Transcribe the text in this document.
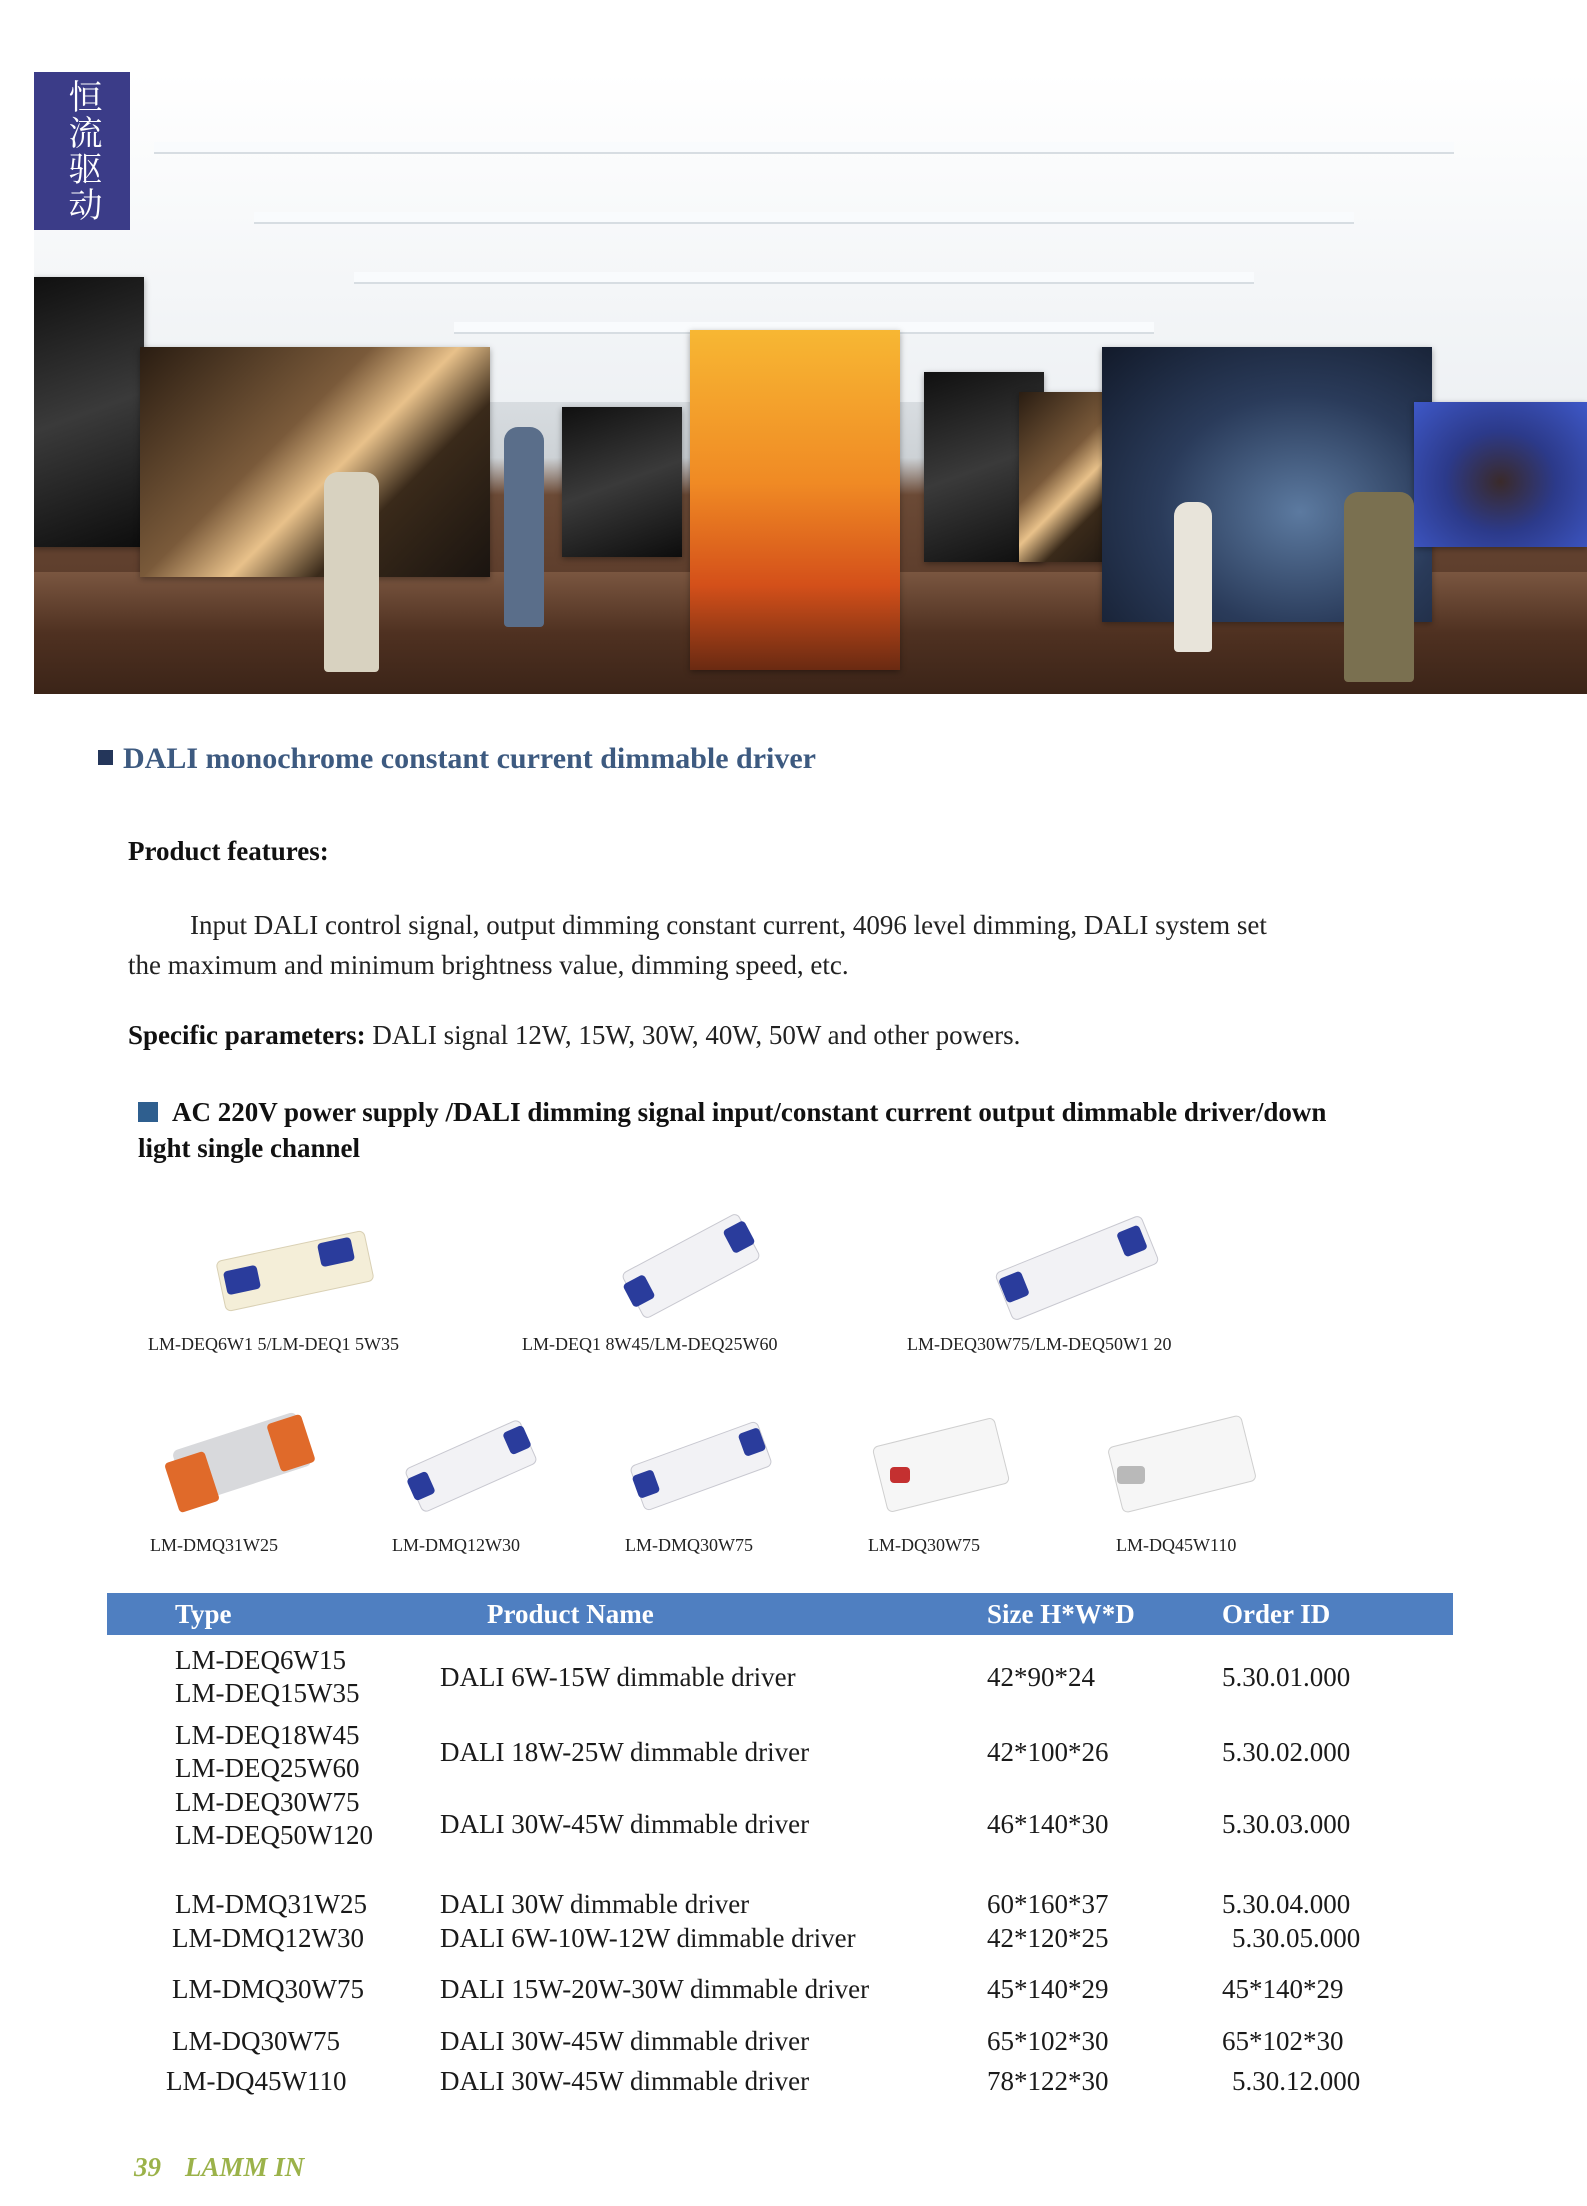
恒流驱动
DALI monochrome constant current dimmable driver
Product features:
Input DALI control signal, output dimming constant current, 4096 level dimming, DALI system set the maximum and minimum brightness value, dimming speed, etc.
Specific parameters: DALI signal 12W, 15W, 30W, 40W, 50W and other powers.
AC 220V power supply /DALI dimming signal input/constant current output dimmable driver/down light single channel
LM-DEQ6W1 5/LM-DEQ1 5W35	LM-DEQ1 8W45/LM-DEQ25W60	LM-DEQ30W75/LM-DEQ50W1 20
LM-DMQ31W25	LM-DMQ12W30	LM-DMQ30W75	LM-DQ30W75	LM-DQ45W110
Type	Product Name	Size H*W*D	Order ID
LM-DEQ6W15
LM-DEQ15W35
DALI 6W-15W dimmable driver	42*90*24	5.30.01.000
LM-DEQ18W45
LM-DEQ25W60
DALI 18W-25W dimmable driver	42*100*26	5.30.02.000
LM-DEQ30W75
LM-DEQ50W120 DALI 30W-45W dimmable driver	46*140*30	5.30.03.000
LM-DMQ31W25	DALI 30W dimmable driver	60*160*37	5.30.04.000
LM-DMQ12W30	DALI 6W-10W-12W dimmable driver	42*120*25	5.30.05.000
LM-DMQ30W75	DALI 15W-20W-30W dimmable driver	45*140*29	45*140*29
LM-DQ30W75	DALI 30W-45W dimmable driver	65*102*30	65*102*30
LM-DQ45W110	DALI 30W-45W dimmable driver	78*122*30	5.30.12.000
39 LAMM IN
